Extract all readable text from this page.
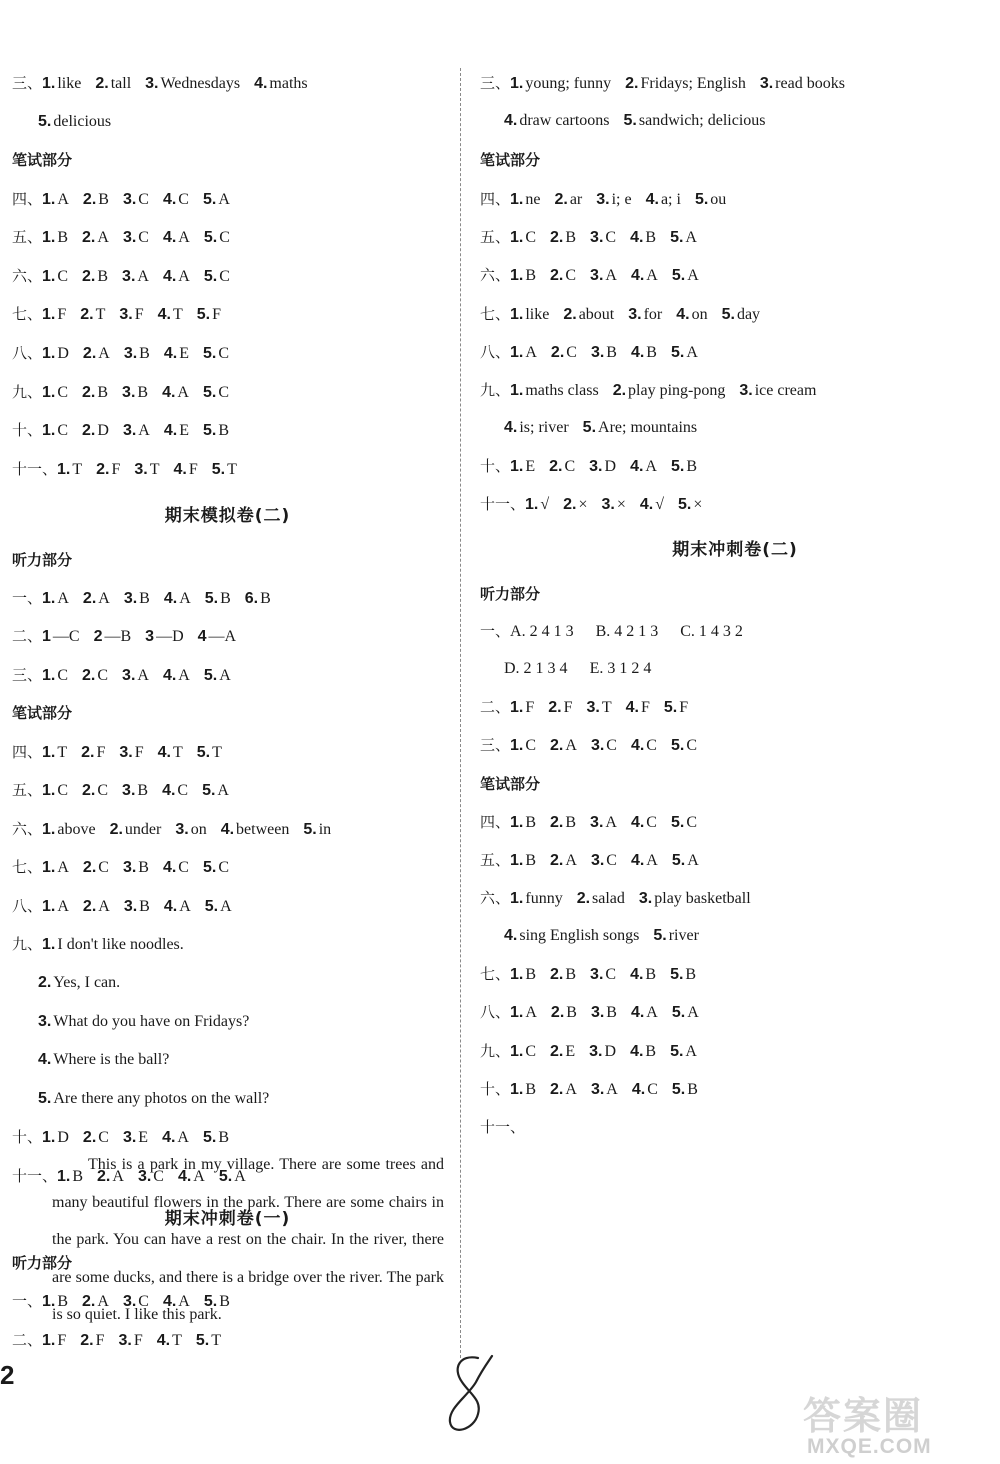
三、1. like 2. tall 3. Wednesdays 4. maths
5. delicious
笔试部分
四、1. A 2. B 3. C 4. C 5. A
五、1. B 2. A 3. C 4. A 5. C
六、1. C 2. B 3. A 4. A 5. C
七、1. F 2. T 3. F 4. T 5. F
八、1. D 2. A 3. B 4. E 5. C
九、1. C 2. B 3. B 4. A 5. C
十、1. C 2. D 3. A 4. E 5. B
十一、1. T 2. F 3. T 4. F 5. T
期末模拟卷(二)
听力部分
一、1. A 2. A 3. B 4. A 5. B 6. B
二、1 —C 2 —B 3 —D 4 —A
三、1. C 2. C 3. A 4. A 5. A
笔试部分
四、1. T 2. F 3. F 4. T 5. T
五、1. C 2. C 3. B 4. C 5. A
六、1. above 2. under 3. on 4. between 5. in
七、1. A 2. C 3. B 4. C 5. C
八、1. A 2. A 3. B 4. A 5. A
九、1. I don't like noodles.
2. Yes, I can.
3. What do you have on Fridays?
4. Where is the ball?
5. Are there any photos on the wall?
十、1. D 2. C 3. E 4. A 5. B
十一、1. B 2. A 3. C 4. A 5. A
期末冲刺卷(一)
听力部分
一、1. B 2. A 3. C 4. A 5. B
二、1. F 2. F 3. F 4. T 5. T
三、1. young; funny 2. Fridays; English 3. read books
4. draw cartoons 5. sandwich; delicious
笔试部分
四、1. ne 2. ar 3. i; e 4. a; i 5. ou
五、1. C 2. B 3. C 4. B 5. A
六、1. B 2. C 3. A 4. A 5. A
七、1. like 2. about 3. for 4. on 5. day
八、1. A 2. C 3. B 4. B 5. A
九、1. maths class 2. play ping-pong 3. ice cream
4. is; river 5. Are; mountains
十、1. E 2. C 3. D 4. A 5. B
十一、1. √ 2. × 3. × 4. √ 5. ×
期末冲刺卷(二)
听力部分
一、A. 2 4 1 3 B. 4 2 1 3 C. 1 4 3 2
D. 2 1 3 4 E. 3 1 2 4
二、1. F 2. F 3. T 4. F 5. F
三、1. C 2. A 3. C 4. C 5. C
笔试部分
四、1. B 2. B 3. A 4. C 5. C
五、1. B 2. A 3. C 4. A 5. A
六、1. funny 2. salad 3. play basketball
4. sing English songs 5. river
七、1. B 2. B 3. C 4. B 5. B
八、1. A 2. B 3. B 4. A 5. A
九、1. C 2. E 3. D 4. B 5. A
十、1. B 2. A 3. A 4. C 5. B
十一、

This is a park in my village. There are some trees and many beautiful flowers in the park. There are some chairs in the park. You can have a rest on the chair. In the river, there are some ducks, and there is a bridge over the river. The park is so quiet. I like this park.

2
答案圈
MXQE.COM
